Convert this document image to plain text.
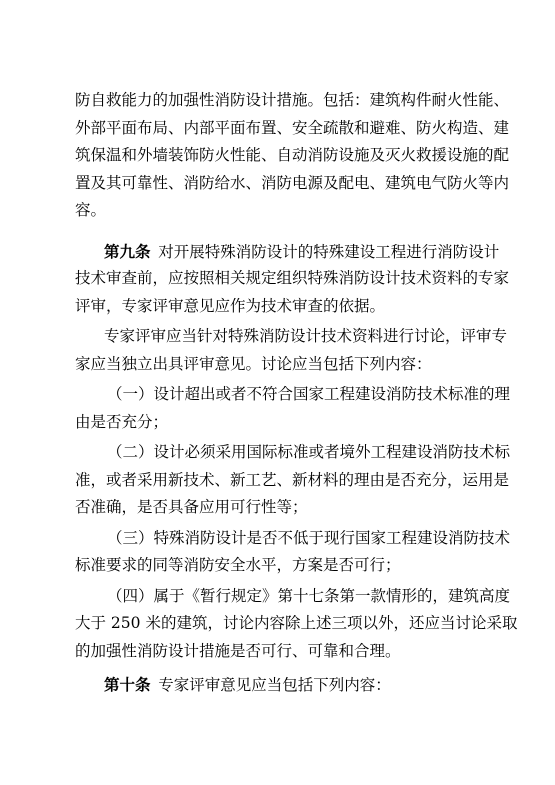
防自救能力的加强性消防设计措施。包括：建筑构件耐火性能、
外部平面布局、内部平面布置、安全疏散和避难、防火构造、建
筑保温和外墙装饰防火性能、自动消防设施及灭火救援设施的配
置及其可靠性、消防给水、消防电源及配电、建筑电气防火等内
容。
第九条  对开展特殊消防设计的特殊建设工程进行消防设计
技术审查前，应按照相关规定组织特殊消防设计技术资料的专家
评审，专家评审意见应作为技术审查的依据。
专家评审应当针对特殊消防设计技术资料进行讨论，评审专
家应当独立出具评审意见。讨论应当包括下列内容：
（一）设计超出或者不符合国家工程建设消防技术标准的理
由是否充分；
（二）设计必须采用国际标准或者境外工程建设消防技术标
准，或者采用新技术、新工艺、新材料的理由是否充分，运用是
否准确，是否具备应用可行性等；
（三）特殊消防设计是否不低于现行国家工程建设消防技术
标准要求的同等消防安全水平，方案是否可行；
（四）属于《暂行规定》第十七条第一款情形的，建筑高度
大于 250 米的建筑，讨论内容除上述三项以外，还应当讨论采取
的加强性消防设计措施是否可行、可靠和合理。
第十条  专家评审意见应当包括下列内容：
